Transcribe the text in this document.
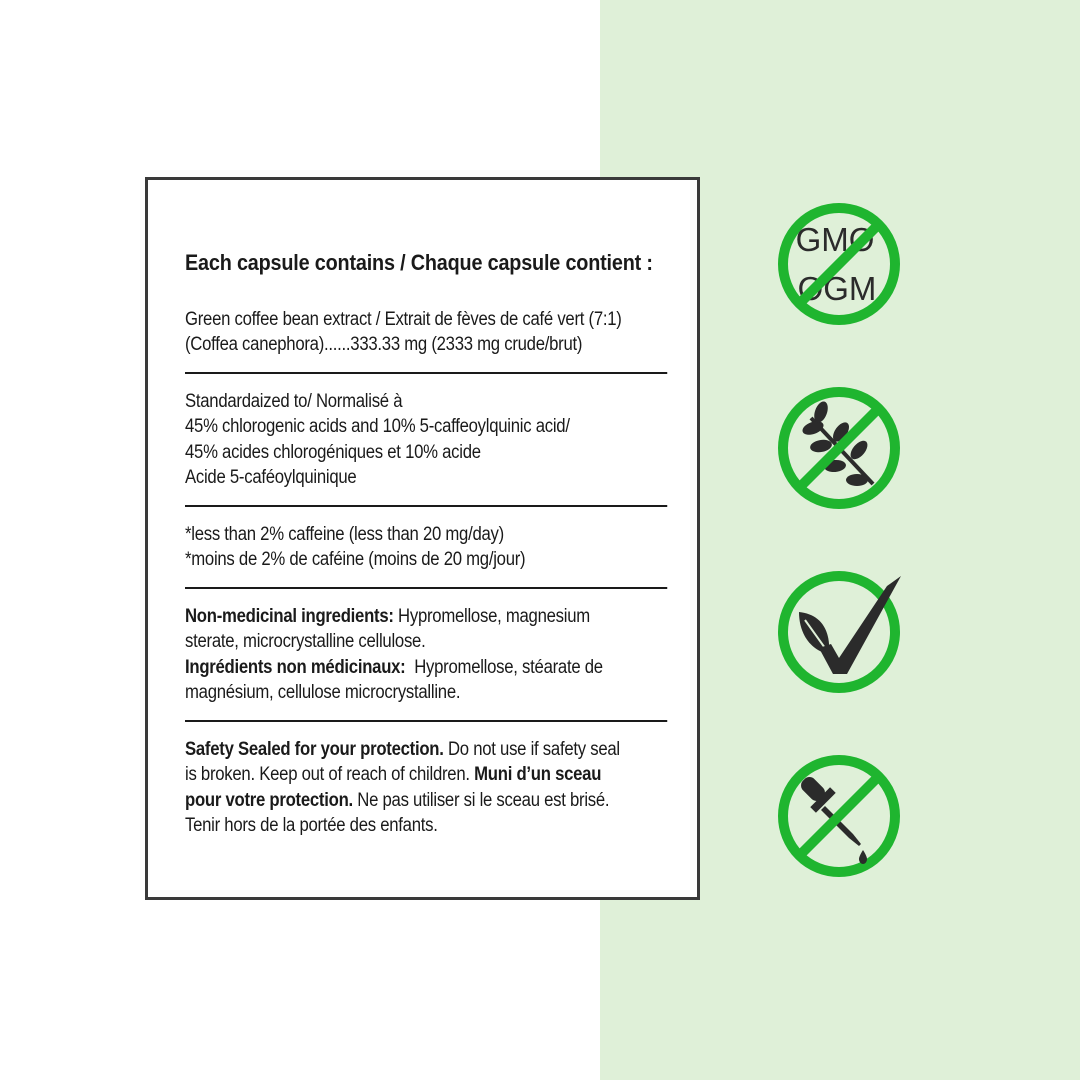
Each capsule contains / Chaque capsule contient :

Green coffee bean extract / Extrait de fèves de café vert (7:1)

(Coffea canephora)......333.33 mg (2333 mg crude/brut)

Standardaized to/ Normalisé à

45% chlorogenic acids and 10% 5-caffeoylquinic acid/

45% acides chlorogéniques et 10% acide

Acide 5-caféoylquinique

*less than 2% caffeine (less than 20 mg/day)

*moins de 2% de caféine (moins de 20 mg/jour)

Non-medicinal ingredients: Hypromellose, magnesium

sterate, microcrystalline cellulose.

Ingrédients non médicinaux:  Hypromellose, stéarate de

magnésium, cellulose microcrystalline.

Safety Sealed for your protection. Do not use if safety seal

is broken. Keep out of reach of children. Muni d’un sceau

pour votre protection. Ne pas utiliser si le sceau est brisé.

Tenir hors de la portée des enfants.

GMO
OGM
